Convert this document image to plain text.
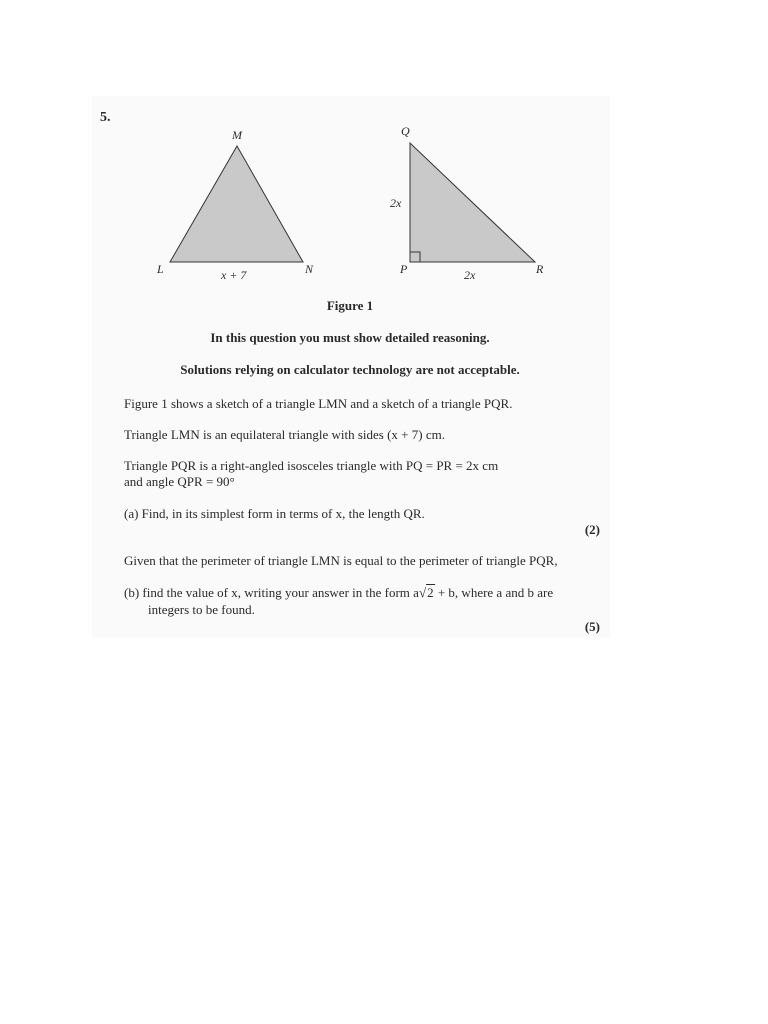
5.
M
L	N
x + 7
Q
P	R
2x
2x
Figure 1
In this question you must show detailed reasoning.
Solutions relying on calculator technology are not acceptable.
Figure 1 shows a sketch of a triangle LMN and a sketch of a triangle PQR.
Triangle LMN is an equilateral triangle with sides (x + 7) cm.
Triangle PQR is a right-angled isosceles triangle with PQ = PR = 2x cm
and angle QPR = 90°
(a) Find, in its simplest form in terms of x, the length QR.
(2)
Given that the perimeter of triangle LMN is equal to the perimeter of triangle PQR,
(b) find the value of x, writing your answer in the form a√2 + b, where a and b are
integers to be found.
(5)
